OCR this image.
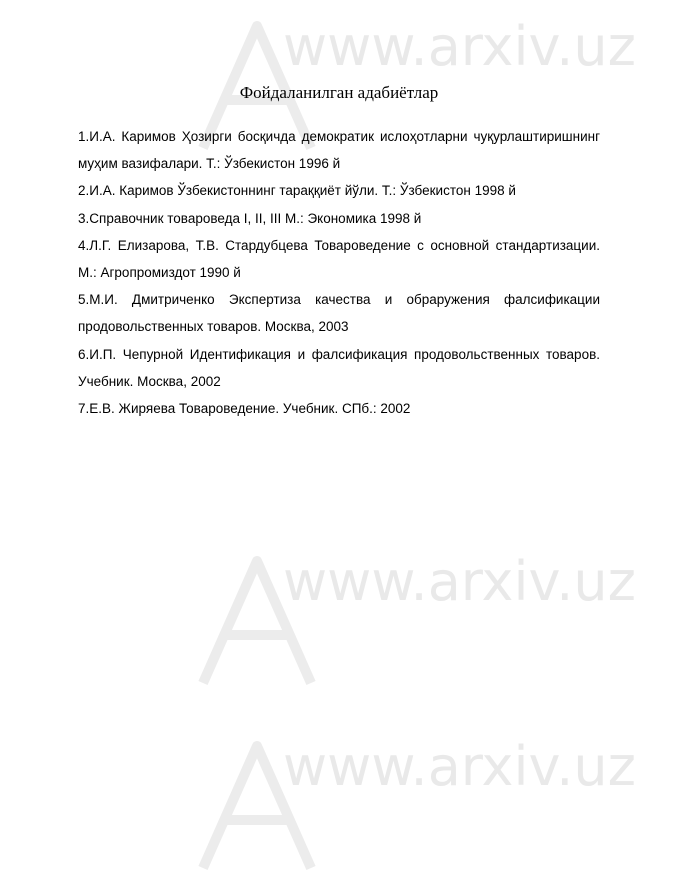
www.arxiv.uz
www.arxiv.uz
www.arxiv.uz
Фойдаланилган адабиётлар
1.И.А. Каримов Ҳозирги босқичда демократик ислоҳотларни чуқурлаштиришнинг муҳим вазифалари. Т.: Ўзбекистон 1996 й
2.И.А. Каримов Ўзбекистоннинг тараққиёт йўли. Т.: Ўзбекистон 1998 й
3.Справочник товароведа I, II, III М.: Экономика 1998 й
4.Л.Г. Елизарова, Т.В. Стардубцева Товароведение с основной стандартизации. М.: Агропромиздот 1990 й
5.М.И. Дмитриченко Экспертиза качества и обраружения фалсификации продовольственных товаров. Москва, 2003
6.И.П. Чепурной Идентификация и фалсификация продовольственных товаров. Учебник. Москва, 2002
7.Е.В. Жиряева Товароведение. Учебник. СПб.: 2002
